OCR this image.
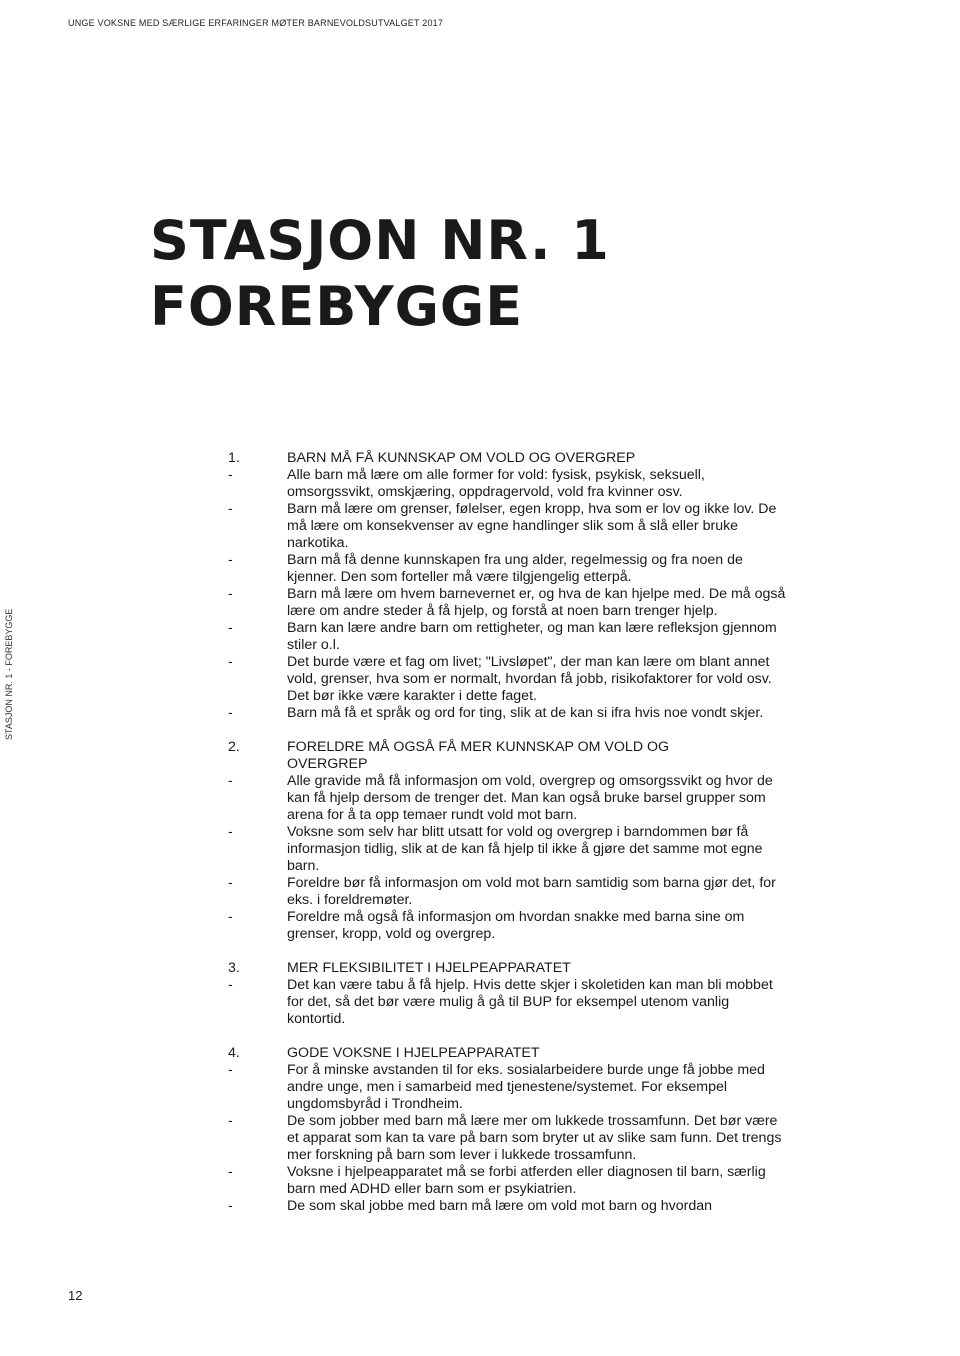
UNGE VOKSNE MED SÆRLIGE ERFARINGER MØTER BARNEVOLDSUTVALGET 2017
STASJON NR. 1 - FOREBYGGE
STASJON NR. 1
FOREBYGGE
1.	BARN MÅ FÅ KUNNSKAP OM VOLD OG OVERGREP
-	Alle barn må lære om alle former for vold: fysisk, psykisk, seksuell, omsorgssvikt, omskjæring, oppdragervold, vold fra kvinner osv.
-	Barn må lære om grenser, følelser, egen kropp, hva som er lov og ikke lov. De må lære om konsekvenser av egne handlinger slik som å slå eller bruke narkotika.
-	Barn må få denne kunnskapen fra ung alder, regelmessig og fra noen de kjenner. Den som forteller må være tilgjengelig etterpå.
-	Barn må lære om hvem barnevernet er, og hva de kan hjelpe med. De må også lære om andre steder å få hjelp, og forstå at noen barn trenger hjelp.
-	Barn kan lære andre barn om rettigheter, og man kan lære refleksjon gjennom stiler o.l.
-	Det burde være et fag om livet; "Livsløpet", der man kan lære om blant annet vold, grenser, hva som er normalt, hvordan få jobb, risikofaktorer for vold osv. Det bør ikke være karakter i dette faget.
-	Barn må få et språk og ord for ting, slik at de kan si ifra hvis noe vondt skjer.
2.	FORELDRE MÅ OGSÅ FÅ MER KUNNSKAP OM VOLD OG OVERGREP
-	Alle gravide må få informasjon om vold, overgrep og omsorgssvikt og hvor de kan få hjelp dersom de trenger det. Man kan også bruke barsel grupper som arena for å ta opp temaer rundt vold mot barn.
-	Voksne som selv har blitt utsatt for vold og overgrep i barndommen bør få informasjon tidlig, slik at de kan få hjelp til ikke å gjøre det samme mot egne barn.
-	Foreldre bør få informasjon om vold mot barn samtidig som barna gjør det, for eks. i foreldremøter.
-	Foreldre må også få informasjon om hvordan snakke med barna sine om grenser, kropp, vold og overgrep.
3.	MER FLEKSIBILITET I HJELPEAPPARATET
-	Det kan være tabu å få hjelp. Hvis dette skjer i skoletiden kan man bli mobbet for det, så det bør være mulig å gå til BUP for eksempel utenom vanlig kontortid.
4.	GODE VOKSNE I HJELPEAPPARATET
-	For å minske avstanden til for eks. sosialarbeidere burde unge få jobbe med andre unge, men i samarbeid med tjenestene/systemet. For eksempel ungdomsbyråd i Trondheim.
-	De som jobber med barn må lære mer om lukkede trossamfunn. Det bør være et apparat som kan ta vare på barn som bryter ut av slike sam funn. Det trengs mer forskning på barn som lever i lukkede trossamfunn.
-	Voksne i hjelpeapparatet må se forbi atferden eller diagnosen til barn, særlig barn med ADHD eller barn som er psykiatrien.
-	De som skal jobbe med barn må lære om vold mot barn og hvordan
12
